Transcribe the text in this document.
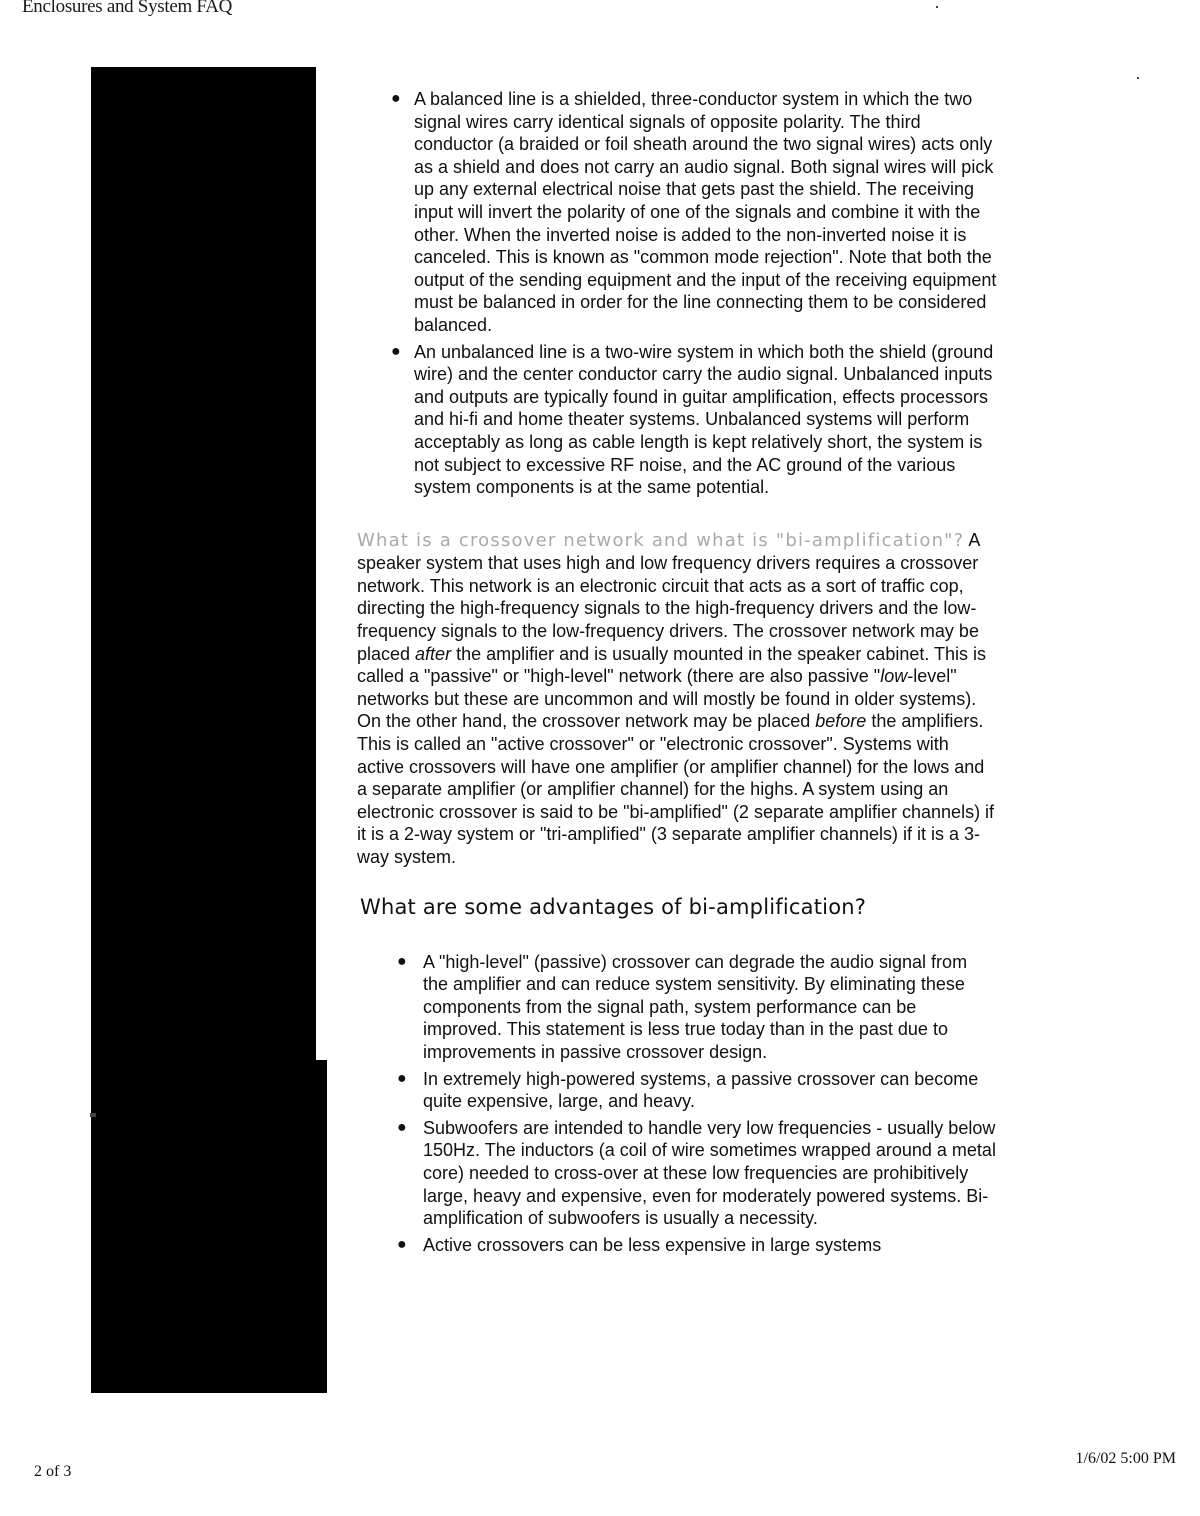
Enclosures and System FAQ
● A balanced line is a shielded, three-conductor system in which the two signal wires carry identical signals of opposite polarity. The third conductor (a braided or foil sheath around the two signal wires) acts only as a shield and does not carry an audio signal. Both signal wires will pick up any external electrical noise that gets past the shield. The receiving input will invert the polarity of one of the signals and combine it with the other. When the inverted noise is added to the non-inverted noise it is canceled. This is known as "common mode rejection". Note that both the output of the sending equipment and the input of the receiving equipment must be balanced in order for the line connecting them to be considered balanced.
● An unbalanced line is a two-wire system in which both the shield (ground wire) and the center conductor carry the audio signal. Unbalanced inputs and outputs are typically found in guitar amplification, effects processors and hi-fi and home theater systems. Unbalanced systems will perform acceptably as long as cable length is kept relatively short, the system is not subject to excessive RF noise, and the AC ground of the various system components is at the same potential.
What is a crossover network and what is "bi-amplification"? A speaker system that uses high and low frequency drivers requires a crossover network. This network is an electronic circuit that acts as a sort of traffic cop, directing the high-frequency signals to the high-frequency drivers and the low-frequency signals to the low-frequency drivers. The crossover network may be placed after the amplifier and is usually mounted in the speaker cabinet. This is called a "passive" or "high-level" network (there are also passive "low-level" networks but these are uncommon and will mostly be found in older systems). On the other hand, the crossover network may be placed before the amplifiers. This is called an "active crossover" or "electronic crossover". Systems with active crossovers will have one amplifier (or amplifier channel) for the lows and a separate amplifier (or amplifier channel) for the highs. A system using an electronic crossover is said to be "bi-amplified" (2 separate amplifier channels) if it is a 2-way system or "tri-amplified" (3 separate amplifier channels) if it is a 3-way system.
What are some advantages of bi-amplification?
● A "high-level" (passive) crossover can degrade the audio signal from the amplifier and can reduce system sensitivity. By eliminating these components from the signal path, system performance can be improved. This statement is less true today than in the past due to improvements in passive crossover design.
● In extremely high-powered systems, a passive crossover can become quite expensive, large, and heavy.
● Subwoofers are intended to handle very low frequencies - usually below 150Hz. The inductors (a coil of wire sometimes wrapped around a metal core) needed to cross-over at these low frequencies are prohibitively large, heavy and expensive, even for moderately powered systems. Bi-amplification of subwoofers is usually a necessity.
● Active crossovers can be less expensive in large systems
2 of 3
1/6/02 5:00 PM
